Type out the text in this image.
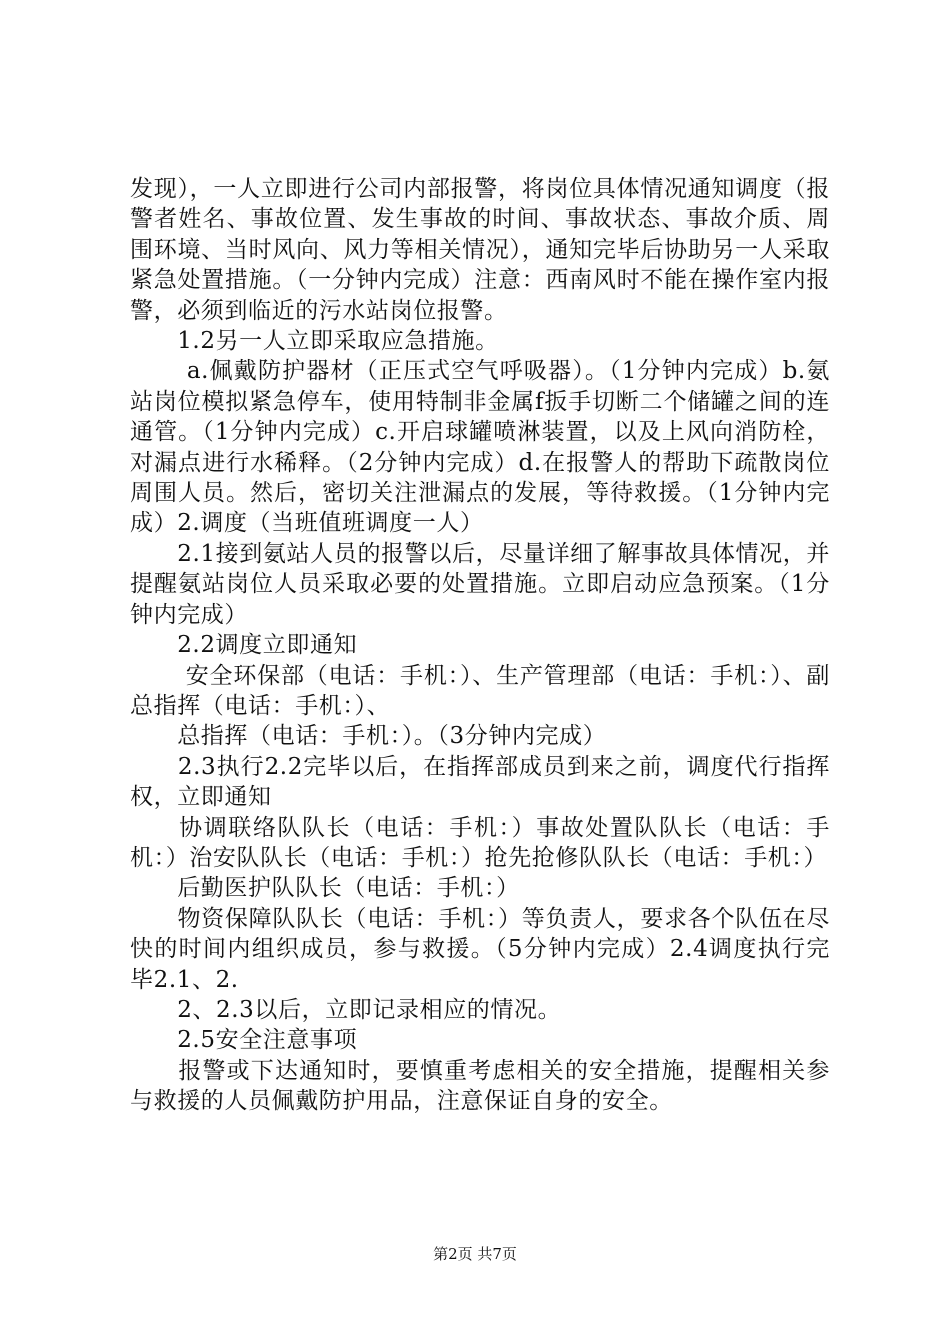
发现），一人立即进行公司内部报警，将岗位具体情况通知调度（报警者姓名、事故位置、发生事故的时间、事故状态、事故介质、周围环境、当时风向、风力等相关情况），通知完毕后协助另一人采取紧急处置措施。（一分钟内完成）注意：西南风时不能在操作室内报警，必须到临近的污水站岗位报警。

　　1.2另一人立即采取应急措施。

　　 a.佩戴防护器材（正压式空气呼吸器）。（1分钟内完成）b.氨站岗位模拟紧急停车，使用特制非金属f扳手切断二个储罐之间的连通管。（1分钟内完成）c.开启球罐喷淋装置，以及上风向消防栓，对漏点进行水稀释。（2分钟内完成）d.在报警人的帮助下疏散岗位周围人员。然后，密切关注泄漏点的发展，等待救援。（1分钟内完成）2.调度（当班值班调度一人）

　　2.1接到氨站人员的报警以后，尽量详细了解事故具体情况，并提醒氨站岗位人员采取必要的处置措施。立即启动应急预案。（1分钟内完成）

　　2.2调度立即通知

　　 安全环保部（电话：手机：）、生产管理部（电话：手机：）、副总指挥（电话：手机：）、

　　总指挥（电话：手机：）。（3分钟内完成）

　　2.3执行2.2完毕以后，在指挥部成员到来之前，调度代行指挥权，立即通知

　　协调联络队队长（电话：手机：）事故处置队队长（电话：手机：）治安队队长（电话：手机：）抢先抢修队队长（电话：手机：）

　　后勤医护队队长（电话：手机：）

　　物资保障队队长（电话：手机：）等负责人，要求各个队伍在尽快的时间内组织成员，参与救援。（5分钟内完成）2.4调度执行完毕2.1、2.

　　2、2.3以后，立即记录相应的情况。

　　2.5安全注意事项

　　报警或下达通知时，要慎重考虑相关的安全措施，提醒相关参与救援的人员佩戴防护用品，注意保证自身的安全。

第2页 共7页
